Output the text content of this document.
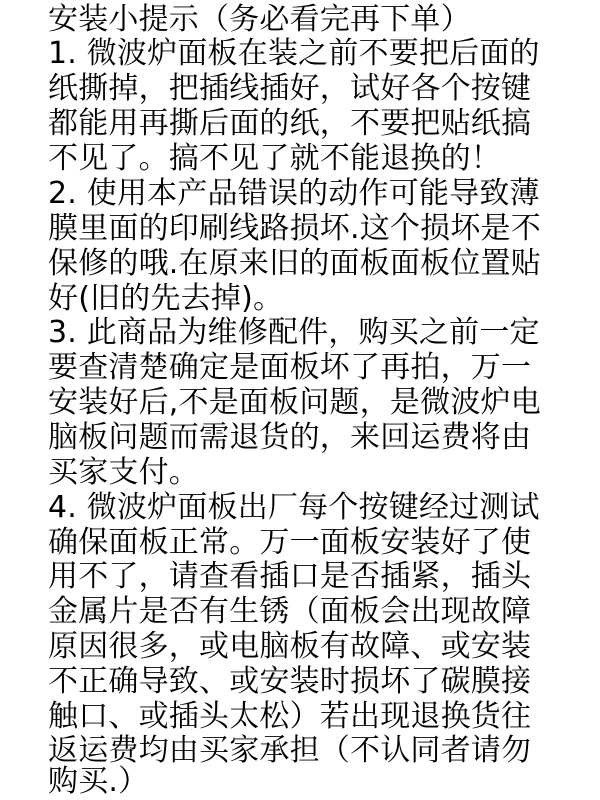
安装小提示（务必看完再下单）

1. 微波炉面板在装之前不要把后面的

纸撕掉，把插线插好，试好各个按键

都能用再撕后面的纸，不要把贴纸搞

不见了。搞不见了就不能退换的！

2. 使用本产品错误的动作可能导致薄

膜里面的印刷线路损坏.这个损坏是不

保修的哦.在原来旧的面板面板位置贴

好(旧的先去掉)。

3. 此商品为维修配件，购买之前一定

要查清楚确定是面板坏了再拍，万一

安装好后,不是面板问题，是微波炉电

脑板问题而需退货的，来回运费将由

买家支付。

4. 微波炉面板出厂每个按键经过测试

确保面板正常。万一面板安装好了使

用不了，请查看插口是否插紧，插头

金属片是否有生锈（面板会出现故障

原因很多，或电脑板有故障、或安装

不正确导致、或安装时损坏了碳膜接

触口、或插头太松）若出现退换货往

返运费均由买家承担（不认同者请勿

购买.）
